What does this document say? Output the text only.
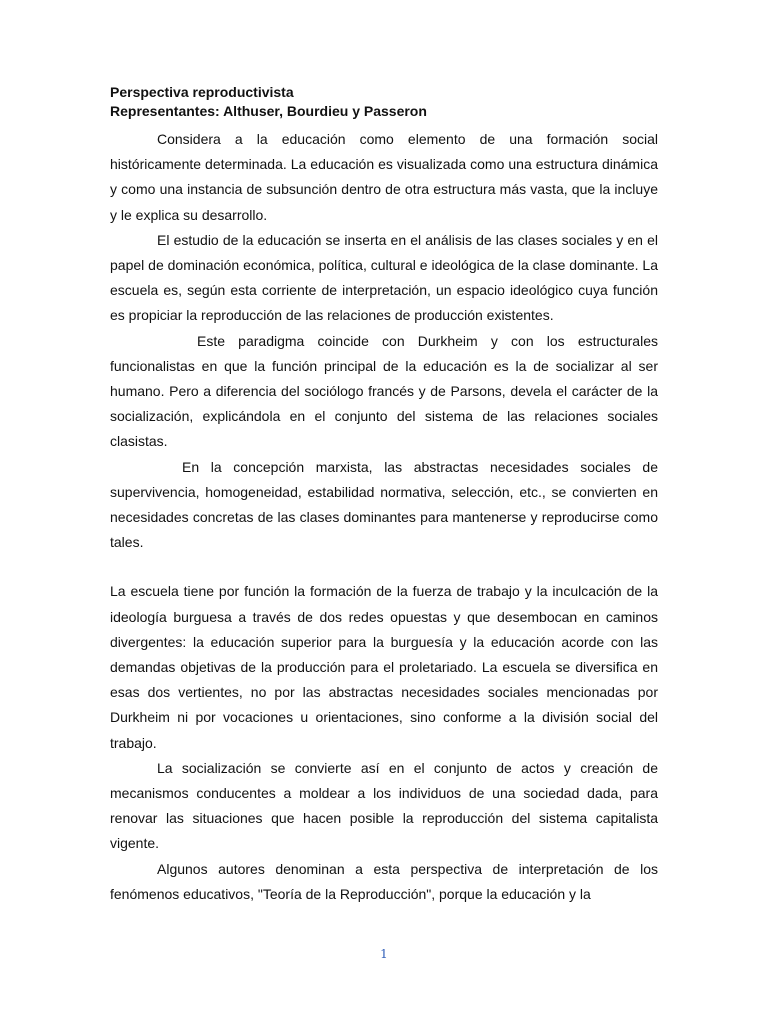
Perspectiva reproductivista

Representantes: Althuser, Bourdieu y Passeron

Considera a la educación como elemento de una formación social históricamente determinada. La educación es visualizada como una estructura dinámica y como una instancia de subsunción dentro de otra estructura más vasta, que la incluye y le explica su desarrollo.

El estudio de la educación se inserta en el análisis de las clases sociales y en el papel de dominación económica, política, cultural e ideológica de la clase dominante. La escuela es, según esta corriente de interpretación, un espacio ideológico cuya función es propiciar la reproducción de las relaciones de producción existentes.

Este paradigma coincide con Durkheim y con los estructurales funcionalistas en que la función principal de la educación es la de socializar al ser humano. Pero a diferencia del sociólogo francés y de Parsons, devela el carácter de la socialización, explicándola en el conjunto del sistema de las relaciones sociales clasistas.

En la concepción marxista, las abstractas necesidades sociales de supervivencia, homogeneidad, estabilidad normativa, selección, etc., se convierten en necesidades concretas de las clases dominantes para mantenerse y reproducirse como tales.

La escuela tiene por función la formación de la fuerza de trabajo y la inculcación de la ideología burguesa a través de dos redes opuestas y que desembocan en caminos divergentes: la educación superior para la burguesía y la educación acorde con las demandas objetivas de la producción para el proletariado. La escuela se diversifica en esas dos vertientes, no por las abstractas necesidades sociales mencionadas por Durkheim ni por vocaciones u orientaciones, sino conforme a la división social del trabajo.

La socialización se convierte así en el conjunto de actos y creación de mecanismos conducentes a moldear a los individuos de una sociedad dada, para renovar las situaciones que hacen posible la reproducción del sistema capitalista vigente.

Algunos autores denominan a esta perspectiva de interpretación de los fenómenos educativos, "Teoría de la Reproducción", porque la educación y la

1
